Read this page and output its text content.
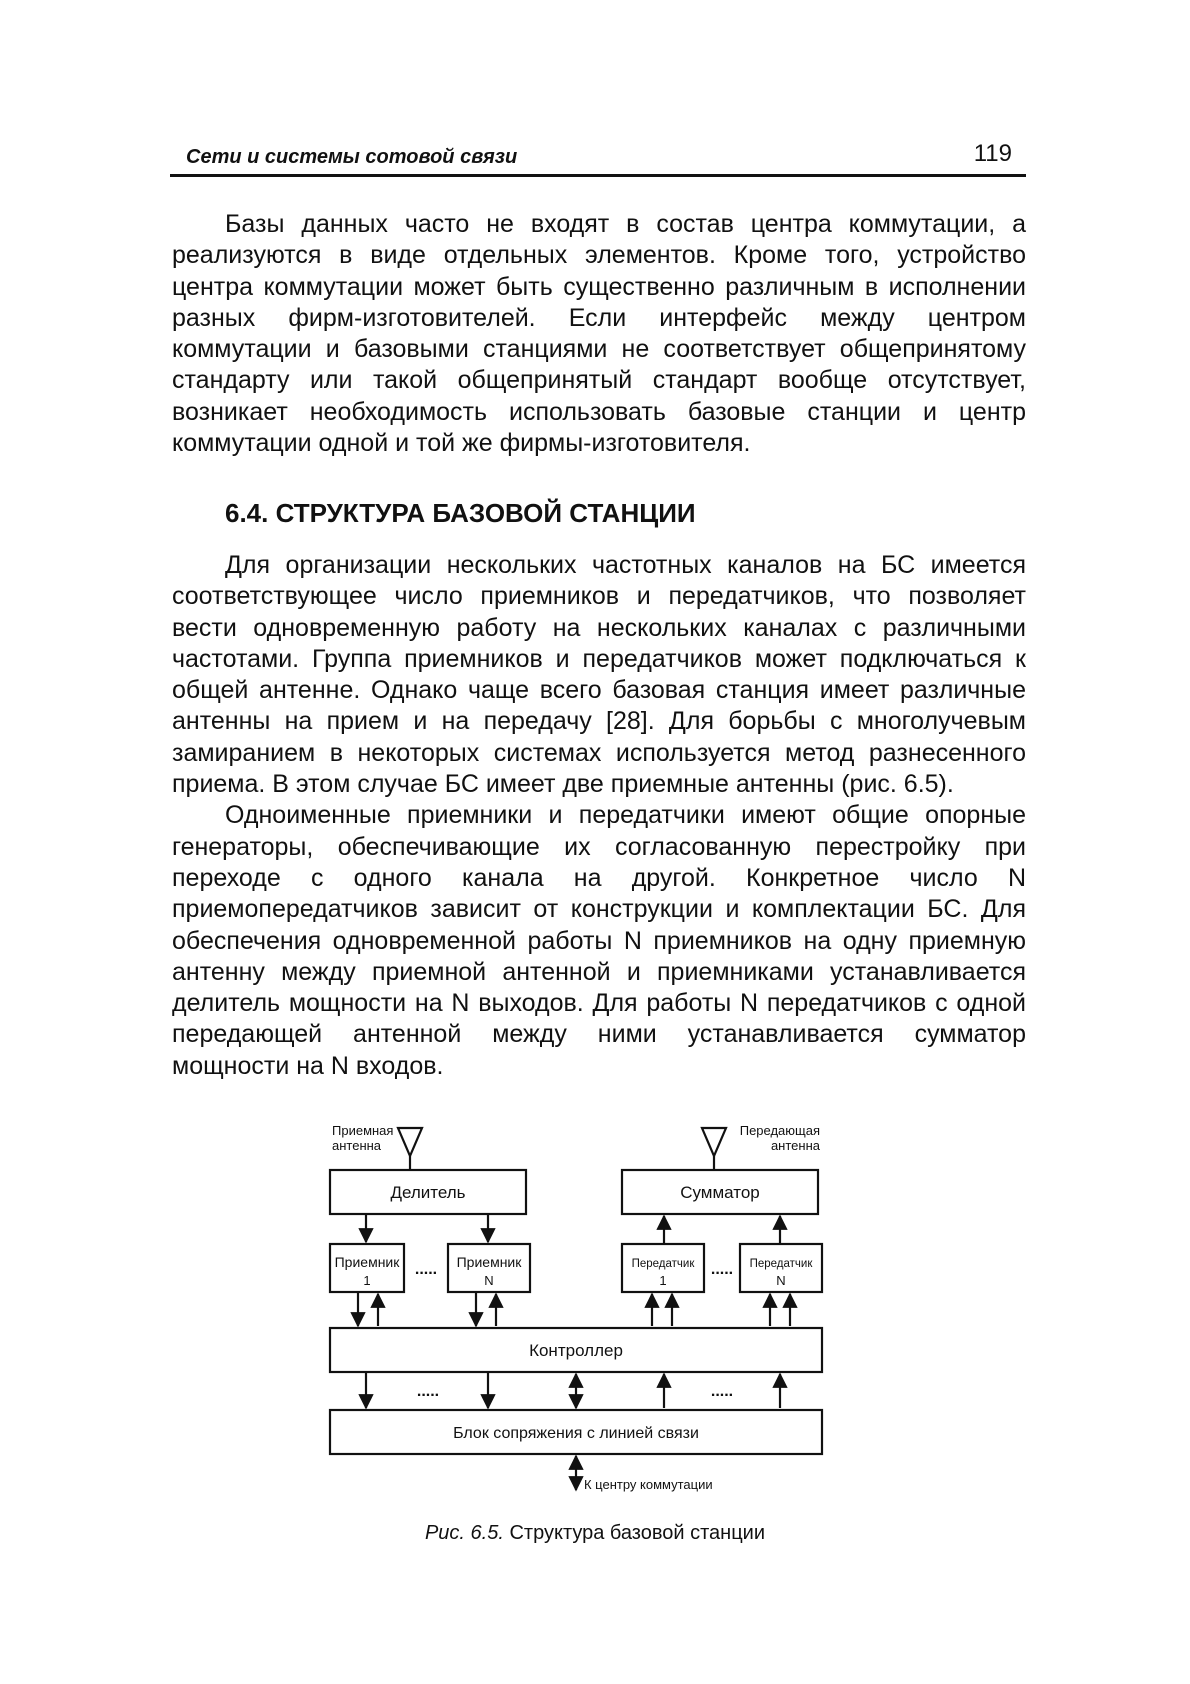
Сети и системы сотовой связи	119

Базы данных часто не входят в состав центра коммутации, а реализуются в виде отдельных элементов. Кроме того, устройство центра коммутации может быть существенно различным в исполнении разных фирм-изготовителей. Если интерфейс между центром коммутации и базовыми станциями не соответствует общепринятому стандарту или такой общепринятый стандарт вообще отсутствует, возникает необходимость использовать базовые станции и центр коммутации одной и той же фирмы-изготовителя.

6.4. СТРУКТУРА БАЗОВОЙ СТАНЦИИ

Для организации нескольких частотных каналов на БС имеется соответствующее число приемников и передатчиков, что позволяет вести одновременную работу на нескольких каналах с различными частотами. Группа приемников и передатчиков может подключаться к общей антенне. Однако чаще всего базовая станция имеет различные антенны на прием и на передачу [28]. Для борьбы с многолучевым замиранием в некоторых системах используется метод разнесенного приема. В этом случае БС имеет две приемные антенны (рис. 6.5).

Одноименные приемники и передатчики имеют общие опорные генераторы, обеспечивающие их согласованную перестройку при переходе с одного канала на другой. Конкретное число N приемопередатчиков зависит от конструкции и комплектации БС. Для обеспечения одновременной работы N приемников на одну приемную антенну между приемной антенной и приемниками устанавливается делитель мощности на N выходов. Для работы N передатчиков с одной передающей антенной между ними устанавливается сумматор мощности на N входов.

Приемная
антенна
Передающая
антенна
Делитель	Сумматор
Приемник
1
Приемник
N
Передатчик
1
Передатчик
N
.....	.....
.....	.....
Контроллер
Блок сопряжения с линией связи
К центру коммутации
Рис. 6.5. Структура базовой станции
